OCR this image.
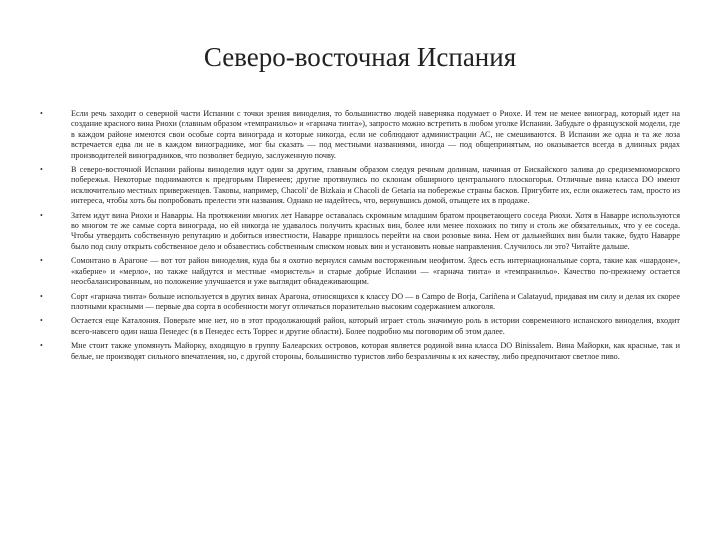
Северо-восточная Испания
•	Если речь заходит о северной части Испании с точки зрения виноделия, то большинство людей наверняка подумает о Риоxе. И тем не менее виноград, который идет на создание красного вина Риохи (главным образом «темпранильо» и «гарнача тинта»), запросто можно встретить в любом уголке Испании. Забудьте о французской модели, где в каждом районе имеются свои особые сорта винограда и которые никогда, если не соблюдают администрации АС, не смешиваются. В Испании же одна и та же лоза встречается едва ли не в каждом винограднике, мог бы сказать — под местными названиями, иногда — под общепринятым, но оказывается всегда в длинных рядах производителей виноградников, что позволяет бедную, заслуженную почву.
•	В северо-восточной Испании районы виноделия идут один за другим, главным образом следуя речным долинам, начиная от Бискайского залива до средиземноморского побережья. Некоторые поднимаются к предгорьям Пиренеев; другие протянулись по склонам обширного центрального плоскогорья. Отличные вина класса DO имеют исключительно местных приверженцев. Таковы, например, Chacoli' de Bizkaia и Chacoli de Getaria на побережье страны басков. Пригубите их, если окажетесь там, просто из интереса, чтобы хоть бы попробовать прелести эти названия. Однако не надейтесь, что, вернувшись домой, отыщете их в продаже.
•	Затем идут вина Риохи и Наварры. На протяжении многих лет Наварре оставалась скромным младшим братом процветающего соседа Риохи. Хотя в Наварре используются во многом те же самые сорта винограда, но ей никогда не удавалось получить красных вин, более или менее похожих по типу и столь же обязательных, что у ее соседа. Чтобы утвердить собственную репутацию и добиться известности, Наварре пришлось перейти на свои розовые вина. Нем от дальнейших вин были также, будто Наварре было под силу открыть собственное дело и обзавестись собственным списком новых вин и установить новые направления. Случилось ли это? Читайте дальше.
•	Сомонтано в Арагоне — вот тот район виноделия, куда бы я охотно вернулся самым восторженным неофитом. Здесь есть интернациональные сорта, такие как «шардоне», «каберне» и «мерло», но также найдутся и местные «мористель» и старые добрые Испании — «гарнача тинта» и «темпранильо». Качество по-прежнему остается неосбалансированным, но положение улучшается и уже выглядит обнадеживающим.
•	Сорт «гарнача тинта» больше используется в других винах Арагона, относящихся к классу DO — в Campo de Borja, Cariñena и Calatayud, придавая им силу и делая их скорее плотными красными — первые два сорта в особенности могут отличаться поразительно высоким содержанием алкоголя.
•	Остается еще Каталония. Поверьте мне нет, но в этот продолжающий район, который играет столь значимую роль в истории современного испанского виноделия, входит всего-навсего один наша Пенедес (в в Пенедес есть Торрес и другие области). Более подробно мы поговорим об этом далее.
•	Мне стоит также упомянуть Майорку, входящую в группу Балеарских островов, которая является родиной вина класса DO Binissalem. Вина Майорки, как красные, так и белые, не производят сильного впечатления, но, с другой стороны, большинство туристов либо безразличны к их качеству, либо предпочитают светлое пиво.
